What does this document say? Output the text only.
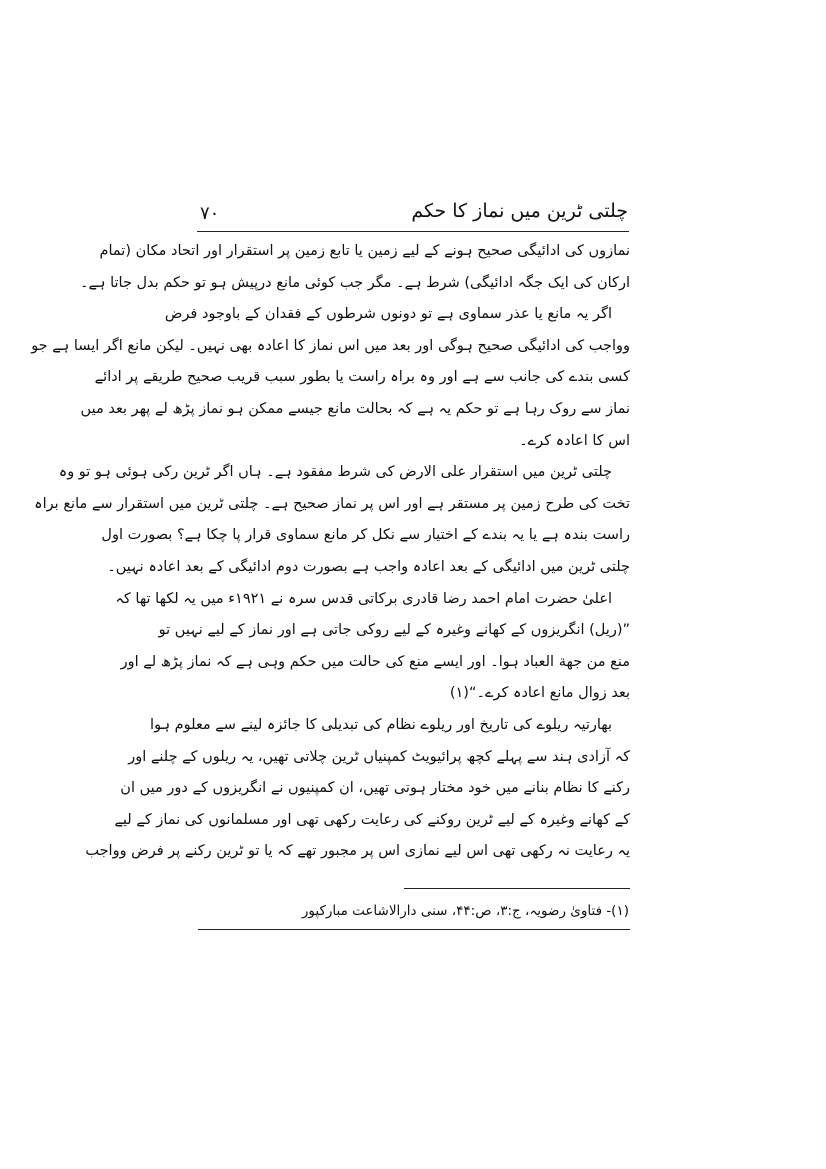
چلتی ٹرین میں نماز کا حکم
۷۰
نمازوں کی ادائیگی صحیح ہونے کے لیے زمین یا تابع زمین پر استقرار اور اتحاد مکان (تمام
ارکان کی ایک جگہ ادائیگی) شرط ہے۔ مگر جب کوئی مانع درپیش ہو تو حکم بدل جاتا ہے۔
اگر یہ مانع یا عذر سماوی ہے تو دونوں شرطوں کے فقدان کے باوجود فرض
وواجب کی ادائیگی صحیح ہوگی اور بعد میں اس نماز کا اعادہ بھی نہیں۔ لیکن مانع اگر ایسا ہے جو
کسی بندے کی جانب سے ہے اور وہ براہ راست یا بطور سبب قریب صحیح طریقے پر ادائے
نماز سے روک رہا ہے تو حکم یہ ہے کہ بحالت مانع جیسے ممکن ہو نماز پڑھ لے پھر بعد میں
اس کا اعادہ کرے۔
چلتی ٹرین میں استقرار علی الارض کی شرط مفقود ہے۔ ہاں اگر ٹرین رکی ہوئی ہو تو وہ
تخت کی طرح زمین پر مستقر ہے اور اس پر نماز صحیح ہے۔ چلتی ٹرین میں استقرار سے مانع براہ
راست بندہ ہے یا یہ بندے کے اختیار سے نکل کر مانع سماوی قرار پا چکا ہے؟ بصورت اول
چلتی ٹرین میں ادائیگی کے بعد اعادہ واجب ہے بصورت دوم ادائیگی کے بعد اعادہ نہیں۔
اعلیٰ حضرت امام احمد رضا قادری برکاتی قدس سرہ نے ۱۹۲۱ء میں یہ لکھا تھا کہ
”(ریل) انگریزوں کے کھانے وغیرہ کے لیے روکی جاتی ہے اور نماز کے لیے نہیں تو
منع من جهة العباد ہوا۔ اور ایسے منع کی حالت میں حکم وہی ہے کہ نماز پڑھ لے اور
بعد زوال مانع اعادہ کرے۔“(۱)
بھارتیہ ریلوے کی تاریخ اور ریلوے نظام کی تبدیلی کا جائزہ لینے سے معلوم ہوا
کہ آزادی ہند سے پہلے کچھ پرائیویٹ کمپنیاں ٹرین چلاتی تھیں، یہ ریلوں کے چلنے اور
رکنے کا نظام بنانے میں خود مختار ہوتی تھیں، ان کمپنیوں نے انگریزوں کے دور میں ان
کے کھانے وغیرہ کے لیے ٹرین روکنے کی رعایت رکھی تھی اور مسلمانوں کی نماز کے لیے
یہ رعایت نہ رکھی تھی اس لیے نمازی اس پر مجبور تھے کہ یا تو ٹرین رکنے پر فرض وواجب
(۱)- فتاویٰ رضویہ، ج:۳، ص:۴۴، سنی دارالاشاعت مبارکپور
